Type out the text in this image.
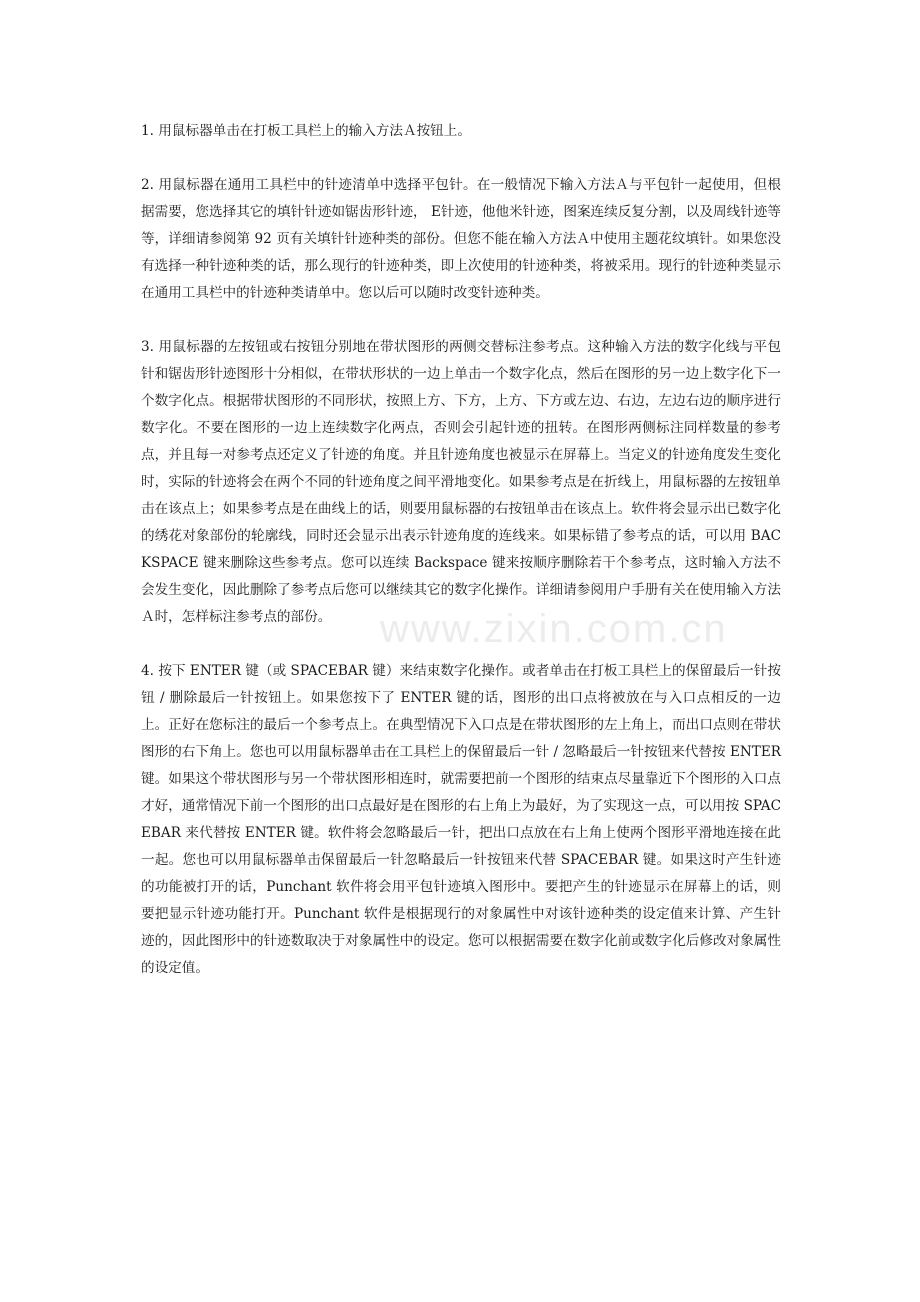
1. 用鼠标器单击在打板工具栏上的输入方法Ａ按钮上。

2. 用鼠标器在通用工具栏中的针迹清单中选择平包针。在一般情况下输入方法Ａ与平包针一起使用，但根据需要，您选择其它的填针针迹如锯齿形针迹， E针迹，他他米针迹，图案连续反复分割，以及周线针迹等等，详细请参阅第 92 页有关填针针迹种类的部份。但您不能在输入方法Ａ中使用主题花纹填针。如果您没有选择一种针迹种类的话，那么现行的针迹种类，即上次使用的针迹种类，将被采用。现行的针迹种类显示在通用工具栏中的针迹种类请单中。您以后可以随时改变针迹种类。

3. 用鼠标器的左按钮或右按钮分别地在带状图形的两侧交替标注参考点。这种输入方法的数字化线与平包针和锯齿形针迹图形十分相似，在带状形状的一边上单击一个数字化点，然后在图形的另一边上数字化下一个数字化点。根据带状图形的不同形状，按照上方、下方，上方、下方或左边、右边，左边右边的顺序进行数字化。不要在图形的一边上连续数字化两点，否则会引起针迹的扭转。在图形两侧标注同样数量的参考点，并且每一对参考点还定义了针迹的角度。并且针迹角度也被显示在屏幕上。当定义的针迹角度发生变化时，实际的针迹将会在两个不同的针迹角度之间平滑地变化。如果参考点是在折线上，用鼠标器的左按钮单击在该点上；如果参考点是在曲线上的话，则要用鼠标器的右按钮单击在该点上。软件将会显示出已数字化的绣花对象部份的轮廓线，同时还会显示出表示针迹角度的连线来。如果标错了参考点的话，可以用 BACKSPACE 键来删除这些参考点。您可以连续 Backspace 键来按顺序删除若干个参考点，这时输入方法不会发生变化，因此删除了参考点后您可以继续其它的数字化操作。详细请参阅用户手册有关在使用输入方法Ａ时，怎样标注参考点的部份。

4. 按下 ENTER 键（或 SPACEBAR 键）来结束数字化操作。或者单击在打板工具栏上的保留最后一针按钮 / 删除最后一针按钮上。如果您按下了 ENTER 键的话，图形的出口点将被放在与入口点相反的一边上。正好在您标注的最后一个参考点上。在典型情况下入口点是在带状图形的左上角上，而出口点则在带状图形的右下角上。您也可以用鼠标器单击在工具栏上的保留最后一针 / 忽略最后一针按钮来代替按 ENTER 键。如果这个带状图形与另一个带状图形相连时，就需要把前一个图形的结束点尽量靠近下个图形的入口点才好，通常情况下前一个图形的出口点最好是在图形的右上角上为最好，为了实现这一点，可以用按 SPACEBAR 来代替按 ENTER 键。软件将会忽略最后一针，把出口点放在右上角上使两个图形平滑地连接在此一起。您也可以用鼠标器单击保留最后一针忽略最后一针按钮来代替 SPACEBAR 键。如果这时产生针迹的功能被打开的话，Punchant 软件将会用平包针迹填入图形中。要把产生的针迹显示在屏幕上的话，则要把显示针迹功能打开。Punchant 软件是根据现行的对象属性中对该针迹种类的设定值来计算、产生针迹的，因此图形中的针迹数取决于对象属性中的设定。您可以根据需要在数字化前或数字化后修改对象属性的设定值。

www.zixin.com.cn
